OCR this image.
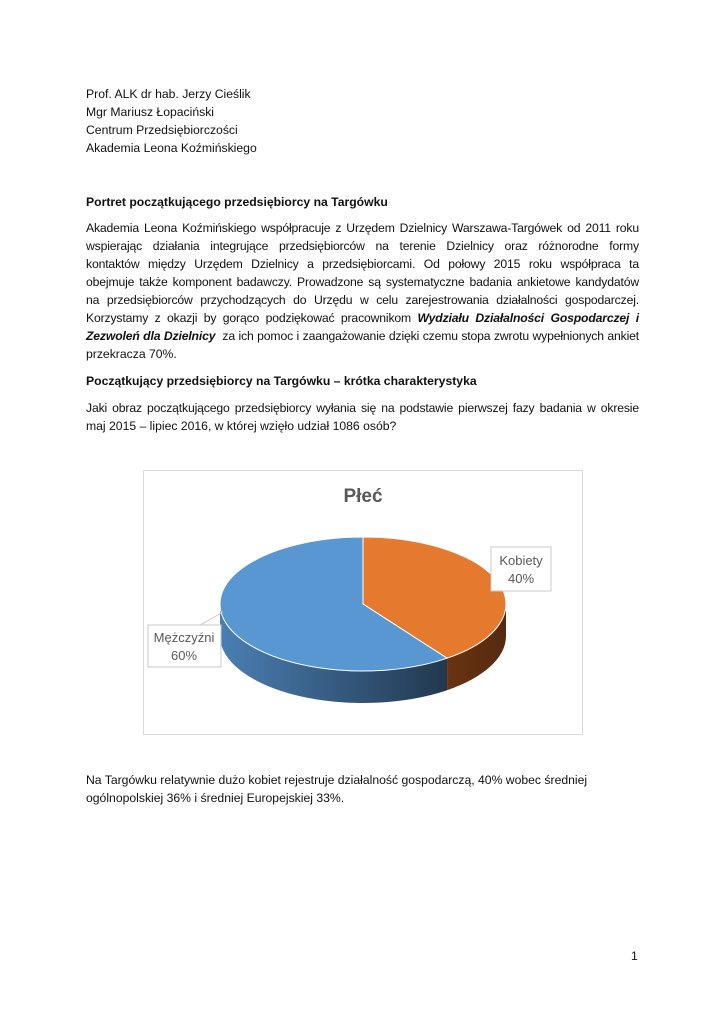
Prof. ALK dr hab. Jerzy Cieślik
Mgr Mariusz Łopaciński
Centrum Przedsiębiorczości
Akademia Leona Koźmińskiego
Portret początkującego przedsiębiorcy na Targówku
Akademia Leona Koźmińskiego współpracuje z Urzędem Dzielnicy Warszawa-Targówek od 2011 roku
wspierając działania integrujące przedsiębiorców na terenie Dzielnicy oraz różnorodne formy
kontaktów między Urzędem Dzielnicy a przedsiębiorcami. Od połowy 2015 roku współpraca ta
obejmuje także komponent badawczy. Prowadzone są systematyczne badania ankietowe kandydatów
na przedsiębiorców przychodzących do Urzędu w celu zarejestrowania działalności gospodarczej.
Korzystamy z okazji by gorąco podziękować pracownikom Wydziału Działalności Gospodarczej i
Zezwoleń dla Dzielnicy za ich pomoc i zaangażowanie dzięki czemu stopa zwrotu wypełnionych ankiet
przekracza 70%.
Początkujący przedsiębiorcy na Targówku – krótka charakterystyka
Jaki obraz początkującego przedsiębiorcy wyłania się na podstawie pierwszej fazy badania w okresie
maj 2015 – lipiec 2016, w której wzięło udział 1086 osób?
Płeć
Kobiety
40%
Mężczyźni
60%
Na Targówku relatywnie dużo kobiet rejestruje działalność gospodarczą, 40% wobec średniej
ogólnopolskiej 36% i średniej Europejskiej 33%.
1
